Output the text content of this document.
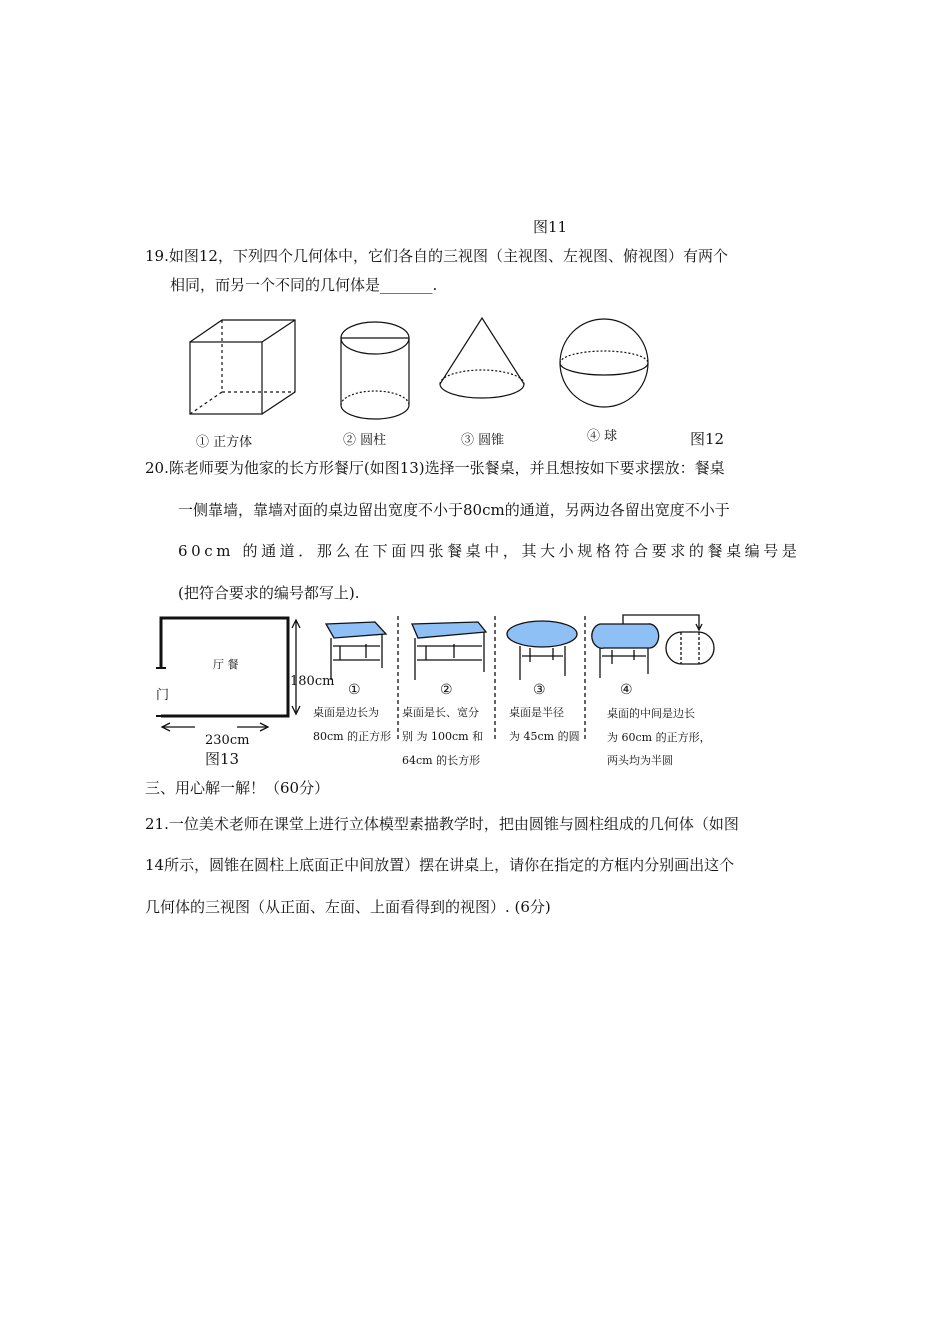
图11
19.如图12，下列四个几何体中，它们各自的三视图（主视图、左视图、俯视图）有两个
相同，而另一个不同的几何体是_______.
① 正方体	② 圆柱	③ 圆锥	④ 球	图12
20.陈老师要为他家的长方形餐厅(如图13)选择一张餐桌，并且想按如下要求摆放：餐桌
一侧靠墙，靠墙对面的桌边留出宽度不小于80cm的通道，另两边各留出宽度不小于
60cm 的通道．那么在下面四张餐桌中，其大小规格符合要求的餐桌编号是
(把符合要求的编号都写上).
厅 餐
门
180cm
230cm
图13
①
桌面是边长为
80cm 的正方形
②
桌面是长、宽分
别 为 100cm 和
64cm 的长方形
③
桌面是半径
为 45cm 的圆
④
桌面的中间是边长
为 60cm 的正方形，
两头均为半圆
三、用心解一解！（60分）
21.一位美术老师在课堂上进行立体模型素描教学时，把由圆锥与圆柱组成的几何体（如图
14所示，圆锥在圆柱上底面正中间放置）摆在讲桌上，请你在指定的方框内分别画出这个
几何体的三视图（从正面、左面、上面看得到的视图）. (6分)
